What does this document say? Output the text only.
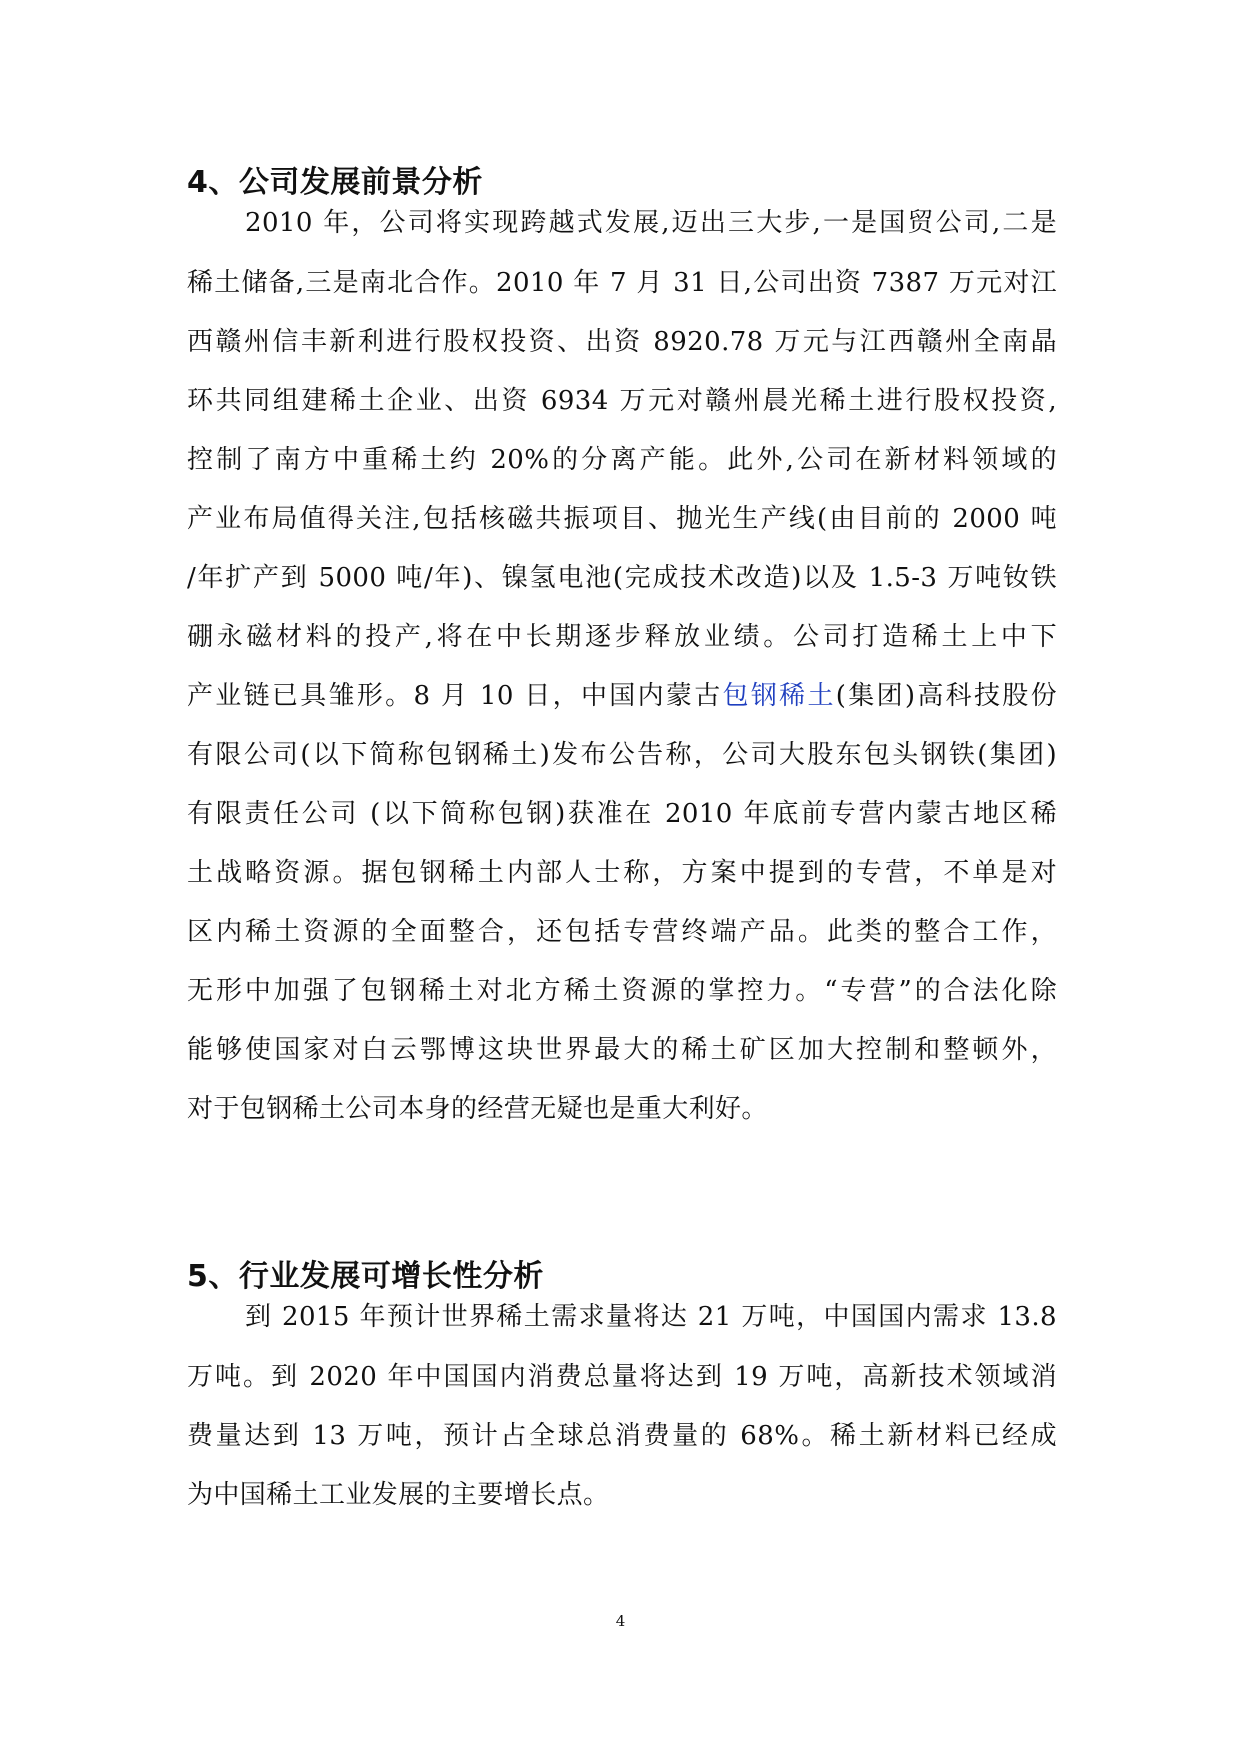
4、公司发展前景分析
2010 年，公司将实现跨越式发展,迈出三大步,一是国贸公司,二是
稀土储备,三是南北合作。2010 年 7 月 31 日,公司出资 7387 万元对江
西赣州信丰新利进行股权投资、出资 8920.78 万元与江西赣州全南晶
环共同组建稀土企业、出资 6934 万元对赣州晨光稀土进行股权投资,
控制了南方中重稀土约 20%的分离产能。此外,公司在新材料领域的
产业布局值得关注,包括核磁共振项目、抛光生产线(由目前的 2000 吨
/年扩产到 5000 吨/年)、镍氢电池(完成技术改造)以及 1.5-3 万吨钕铁
硼永磁材料的投产,将在中长期逐步释放业绩。公司打造稀土上中下
产业链已具雏形。8 月 10 日，中国内蒙古包钢稀土(集团)高科技股份
有限公司(以下简称包钢稀土)发布公告称，公司大股东包头钢铁(集团)
有限责任公司 (以下简称包钢)获准在 2010 年底前专营内蒙古地区稀
土战略资源。据包钢稀土内部人士称，方案中提到的专营，不单是对
区内稀土资源的全面整合，还包括专营终端产品。此类的整合工作，
无形中加强了包钢稀土对北方稀土资源的掌控力。“专营”的合法化除
能够使国家对白云鄂博这块世界最大的稀土矿区加大控制和整顿外，
对于包钢稀土公司本身的经营无疑也是重大利好。
5、行业发展可增长性分析
到 2015 年预计世界稀土需求量将达 21 万吨，中国国内需求 13.8
万吨。到 2020 年中国国内消费总量将达到 19 万吨，高新技术领域消
费量达到 13 万吨，预计占全球总消费量的 68%。稀土新材料已经成
为中国稀土工业发展的主要增长点。
4
